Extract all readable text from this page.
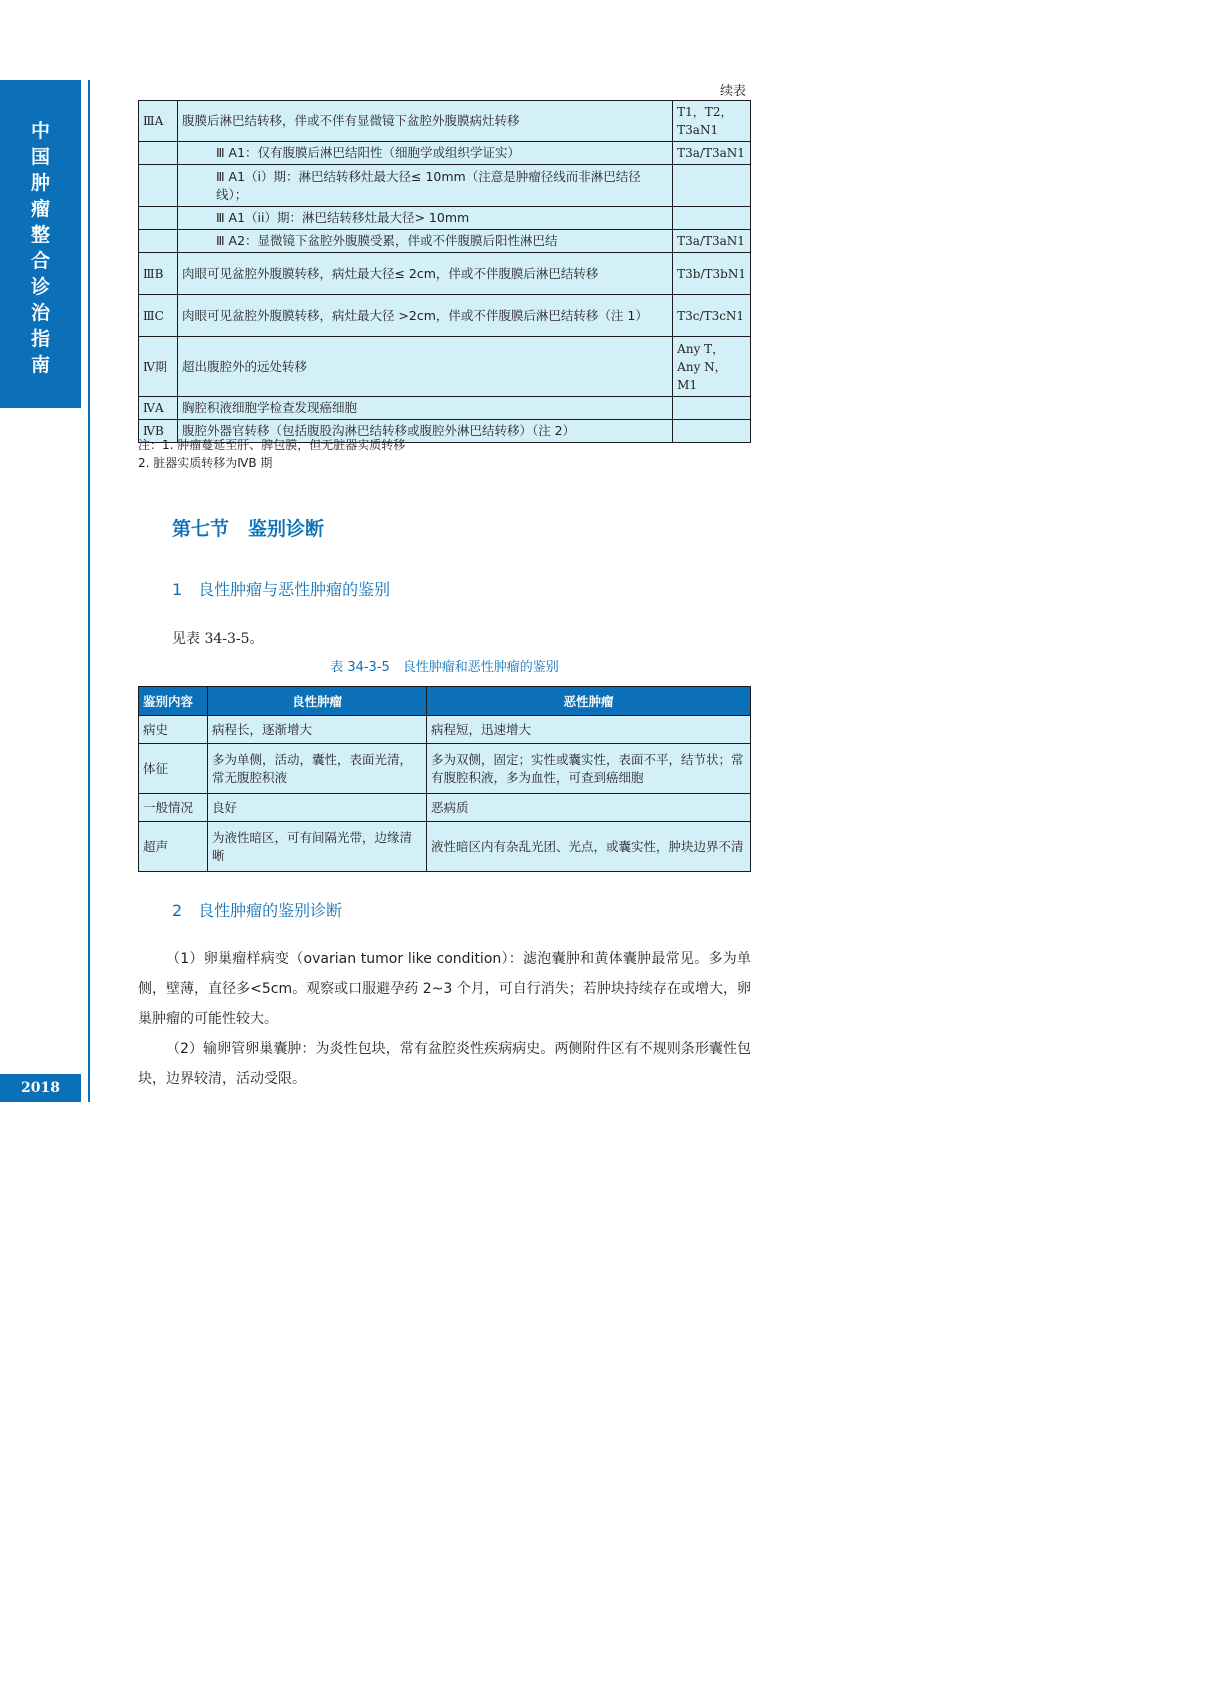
中
国
肿
瘤
整
合
诊
治
指
南
2018
续表
ⅢA	腹膜后淋巴结转移，伴或不伴有显微镜下盆腔外腹膜病灶转移	T1，T2，T3aN1
	Ⅲ A1：仅有腹膜后淋巴结阳性（细胞学或组织学证实）	T3a/T3aN1
	Ⅲ A1（i）期：淋巴结转移灶最大径≤ 10mm（注意是肿瘤径线而非淋巴结径线）；	
	Ⅲ A1（ii）期：淋巴结转移灶最大径> 10mm	
	Ⅲ A2：显微镜下盆腔外腹膜受累，伴或不伴腹膜后阳性淋巴结	T3a/T3aN1
ⅢB	肉眼可见盆腔外腹膜转移，病灶最大径≤ 2cm，伴或不伴腹膜后淋巴结转移	T3b/T3bN1
ⅢC	肉眼可见盆腔外腹膜转移，病灶最大径 >2cm，伴或不伴腹膜后淋巴结转移（注 1）	T3c/T3cN1
Ⅳ期	超出腹腔外的远处转移	Any T，Any N，M1
ⅣA	胸腔积液细胞学检查发现癌细胞	
ⅣB	腹腔外器官转移（包括腹股沟淋巴结转移或腹腔外淋巴结转移）（注 2）	
注：1. 肿瘤蔓延至肝、脾包膜，但无脏器实质转移
2. 脏器实质转移为ⅣB 期
第七节　鉴别诊断
1　良性肿瘤与恶性肿瘤的鉴别
见表 34-3-5。
表 34-3-5　良性肿瘤和恶性肿瘤的鉴别
鉴别内容	良性肿瘤	恶性肿瘤
病史	病程长，逐渐增大	病程短，迅速增大
体征	多为单侧，活动，囊性，表面光清，常无腹腔积液	多为双侧，固定；实性或囊实性，表面不平，结节状；常有腹腔积液，多为血性，可查到癌细胞
一般情况	良好	恶病质
超声	为液性暗区，可有间隔光带，边缘清晰	液性暗区内有杂乱光团、光点，或囊实性，肿块边界不清
2　良性肿瘤的鉴别诊断
（1）卵巢瘤样病变（ovarian tumor like condition）：滤泡囊肿和黄体囊肿最常见。多为单侧，壁薄，直径多<5cm。观察或口服避孕药 2~3 个月，可自行消失；若肿块持续存在或增大，卵巢肿瘤的可能性较大。
（2）输卵管卵巢囊肿：为炎性包块，常有盆腔炎性疾病病史。两侧附件区有不规则条形囊性包块，边界较清，活动受限。
